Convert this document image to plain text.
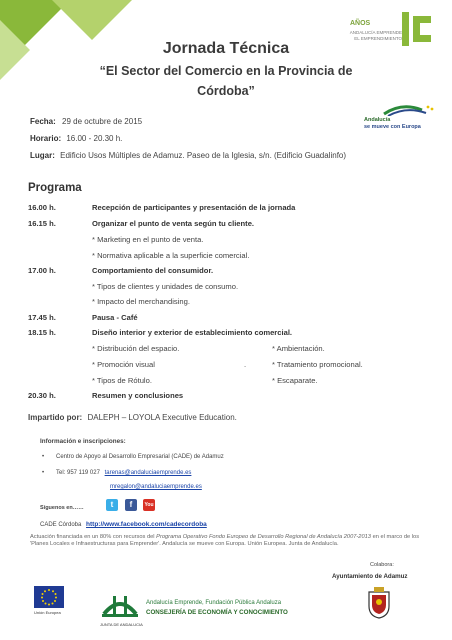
AÑOS
ANDALUCÍA EMPRENDE
EL EMPRENDIMIENTO
Jornada Técnica
“El Sector del Comercio en la Provincia de
Córdoba”
Andalucía
se mueve con Europa
Fecha: 29 de octubre de 2015
Horario: 16.00 - 20.30 h.
Lugar: Edificio Usos Múltiples de Adamuz. Paseo de la Iglesia, s/n. (Edificio Guadalinfo)
Programa
16.00 h.	Recepción de participantes y presentación de la jornada
16.15 h.	Organizar el punto de venta según tu cliente.
* Marketing en el punto de venta.
* Normativa aplicable a la superficie comercial.
17.00 h.	Comportamiento del consumidor.
* Tipos de clientes y unidades de consumo.
* Impacto del merchandising.
17.45 h.	Pausa - Café
18.15 h.	Diseño interior y exterior de establecimiento comercial.
* Distribución del espacio.	* Ambientación.
* Promoción visual	.	* Tratamiento promocional.
* Tipos de Rótulo.	* Escaparate.
20.30 h.	Resumen y conclusiones
Impartido por: DALEPH – LOYOLA Executive Education.
Información e inscripciones:
• Centro de Apoyo al Desarrollo Empresarial (CADE) de Adamuz
• Tel: 957 119 027 tarenas@andaluciaemprende.es
mregalon@andaluciaemprende.es
Síguenos en……	t	f	You
CADE Córdoba http://www.facebook.com/cadecordoba
Actuación financiada en un 80% con recursos del Programa Operativo Fondo Europeo de Desarrollo Regional de Andalucía 2007-2013 en el marco de los 'Planes Locales e Infraestructuras para Emprender'. Andalucía se mueve con Europa. Unión Europea. Junta de Andalucía.
Colabora:
Ayuntamiento de Adamuz
Unión Europea
JUNTA DE ANDALUCIA
Andalucía Emprende, Fundación Pública Andaluza
CONSEJERÍA DE ECONOMÍA Y CONOCIMIENTO
